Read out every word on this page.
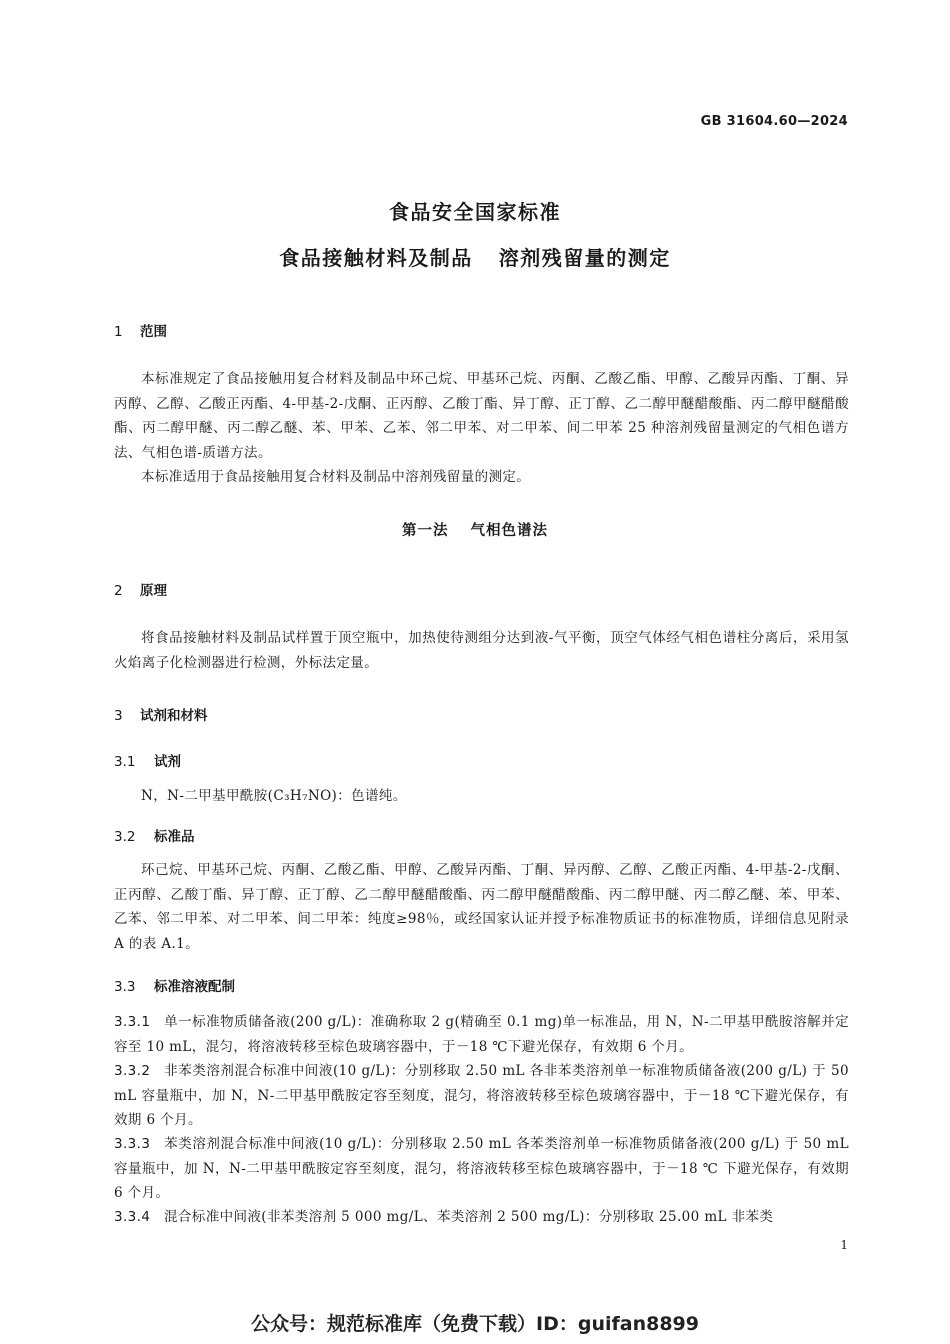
GB 31604.60—2024
食品安全国家标准
食品接触材料及制品 溶剂残留量的测定
1 范围
本标准规定了食品接触用复合材料及制品中环己烷、甲基环己烷、丙酮、乙酸乙酯、甲醇、乙酸异丙酯、丁酮、异丙醇、乙醇、乙酸正丙酯、4-甲基-2-戊酮、正丙醇、乙酸丁酯、异丁醇、正丁醇、乙二醇甲醚醋酸酯、丙二醇甲醚醋酸酯、丙二醇甲醚、丙二醇乙醚、苯、甲苯、乙苯、邻二甲苯、对二甲苯、间二甲苯 25 种溶剂残留量测定的气相色谱方法、气相色谱-质谱方法。
本标准适用于食品接触用复合材料及制品中溶剂残留量的测定。
第一法 气相色谱法
2 原理
将食品接触材料及制品试样置于顶空瓶中，加热使待测组分达到液-气平衡，顶空气体经气相色谱柱分离后，采用氢火焰离子化检测器进行检测，外标法定量。
3 试剂和材料
3.1 试剂
N，N-二甲基甲酰胺(C₃H₇NO)：色谱纯。
3.2 标准品
环己烷、甲基环己烷、丙酮、乙酸乙酯、甲醇、乙酸异丙酯、丁酮、异丙醇、乙醇、乙酸正丙酯、4-甲基-2-戊酮、正丙醇、乙酸丁酯、异丁醇、正丁醇、乙二醇甲醚醋酸酯、丙二醇甲醚醋酸酯、丙二醇甲醚、丙二醇乙醚、苯、甲苯、乙苯、邻二甲苯、对二甲苯、间二甲苯：纯度≥98％，或经国家认证并授予标准物质证书的标准物质，详细信息见附录 A 的表 A.1。
3.3 标准溶液配制
3.3.1 单一标准物质储备液(200 g/L)：准确称取 2 g(精确至 0.1 mg)单一标准品，用 N，N-二甲基甲酰胺溶解并定容至 10 mL，混匀，将溶液转移至棕色玻璃容器中，于－18 ℃下避光保存，有效期 6 个月。
3.3.2 非苯类溶剂混合标准中间液(10 g/L)：分别移取 2.50 mL 各非苯类溶剂单一标准物质储备液(200 g/L) 于 50 mL 容量瓶中，加 N，N-二甲基甲酰胺定容至刻度，混匀，将溶液转移至棕色玻璃容器中，于－18 ℃下避光保存，有效期 6 个月。
3.3.3 苯类溶剂混合标准中间液(10 g/L)：分别移取 2.50 mL 各苯类溶剂单一标准物质储备液(200 g/L) 于 50 mL 容量瓶中，加 N，N-二甲基甲酰胺定容至刻度，混匀，将溶液转移至棕色玻璃容器中，于－18 ℃ 下避光保存，有效期 6 个月。
3.3.4 混合标准中间液(非苯类溶剂 5 000 mg/L、苯类溶剂 2 500 mg/L)：分别移取 25.00 mL 非苯类
1
公众号：规范标准库（免费下载）ID：guifan8899
